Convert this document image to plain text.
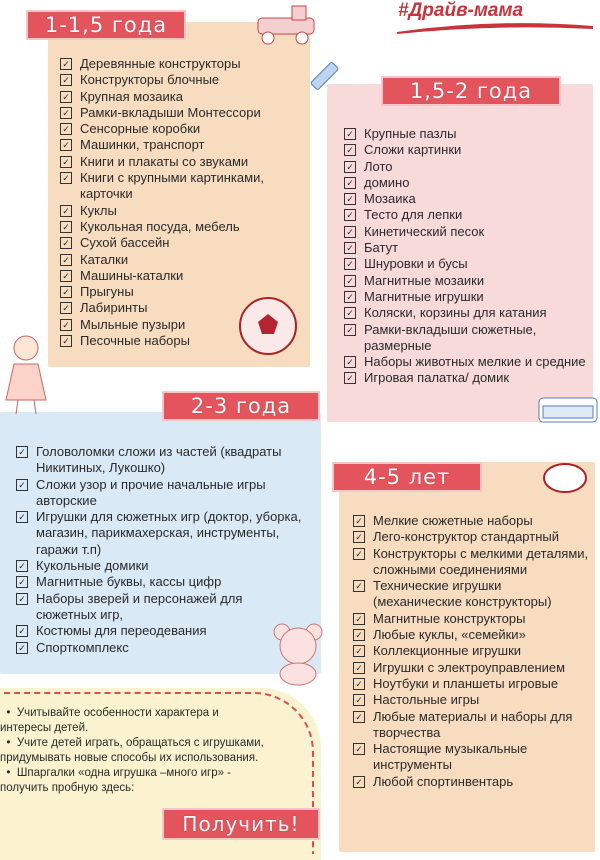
#Драйв-мама
1-1,5 года
1,5-2 года
2-3 года
4-5 лет
✓ Деревянные конструкторы
✓ Конструкторы блочные
✓ Крупная мозаика
✓ Рамки-вкладыши Монтессори
✓ Сенсорные коробки
✓ Машинки, транспорт
✓ Книги и плакаты со звуками
✓ Книги с крупными картинками, карточки
✓ Куклы
✓ Кукольная посуда, мебель
✓ Сухой бассейн
✓ Каталки
✓ Машины-каталки
✓ Прыгуны
✓ Лабиринты
✓ Мыльные пузыри
✓ Песочные наборы
✓ Крупные пазлы
✓ Сложи картинки
✓ Лото
✓ домино
✓ Мозаика
✓ Тесто для лепки
✓ Кинетический песок
✓ Батут
✓ Шнуровки и бусы
✓ Магнитные мозаики
✓ Магнитные игрушки
✓ Коляски, корзины для катания
✓ Рамки-вкладыши сюжетные, размерные
✓ Наборы животных мелкие и средние
✓ Игровая палатка/ домик
✓ Головоломки сложи из частей (квадраты Никитиных, Лукошко)
✓ Сложи узор и прочие начальные игры авторские
✓ Игрушки для сюжетных игр (доктор, уборка, магазин, парикмахерская, инструменты, гаражи т.п)
✓ Кукольные домики
✓ Магнитные буквы, кассы цифр
✓ Наборы зверей и персонажей для сюжетных игр,
✓ Костюмы для переодевания
✓ Спорткомплекс
✓ Мелкие сюжетные наборы
✓ Лего-конструктор стандартный
✓ Конструкторы с мелкими деталями, сложными соединениями
✓ Технические игрушки (механические конструкторы)
✓ Магнитные конструкторы
✓ Любые куклы, «семейки»
✓ Коллекционные игрушки
✓ Игрушки с электроуправлением
✓ Ноутбуки и планшеты игровые
✓ Настольные игры
✓ Любые материалы и наборы для творчества
✓ Настоящие музыкальные инструменты
✓ Любой спортинвентарь

•  Учитывайте особенности характера и интересы детей.

•  Учите детей играть, обращаться с игрушками, придумывать новые способы их использования.

•  Шпаргалки «одна игрушка –много игр» - получить пробную здесь:

Получить!
